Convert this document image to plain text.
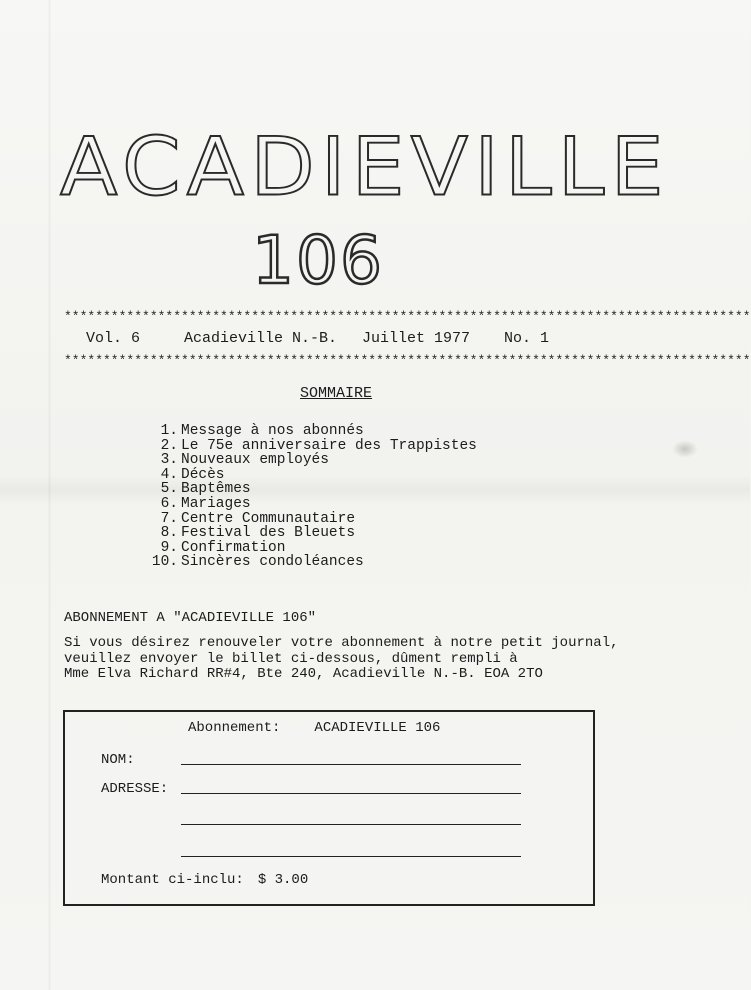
ACADIEVILLE
106
****************************************************************************************
Vol. 6	Acadieville N.-B. Juillet 1977 No. 1
****************************************************************************************
SOMMAIRE
1. Message à nos abonnés
2. Le 75e anniversaire des Trappistes
3. Nouveaux employés
4. Décès
5. Baptêmes
6. Mariages
7. Centre Communautaire
8. Festival des Bleuets
9. Confirmation
10. Sincères condoléances
ABONNEMENT A "ACADIEVILLE 106"
Si vous désirez renouveler votre abonnement à notre petit journal,
veuillez envoyer le billet ci-dessous, dûment rempli à
Mme Elva Richard RR#4, Bte 240, Acadieville N.-B. EOA 2TO
Abonnement: ACADIEVILLE 106
NOM:
ADRESSE:
Montant ci-inclu: $ 3.00
